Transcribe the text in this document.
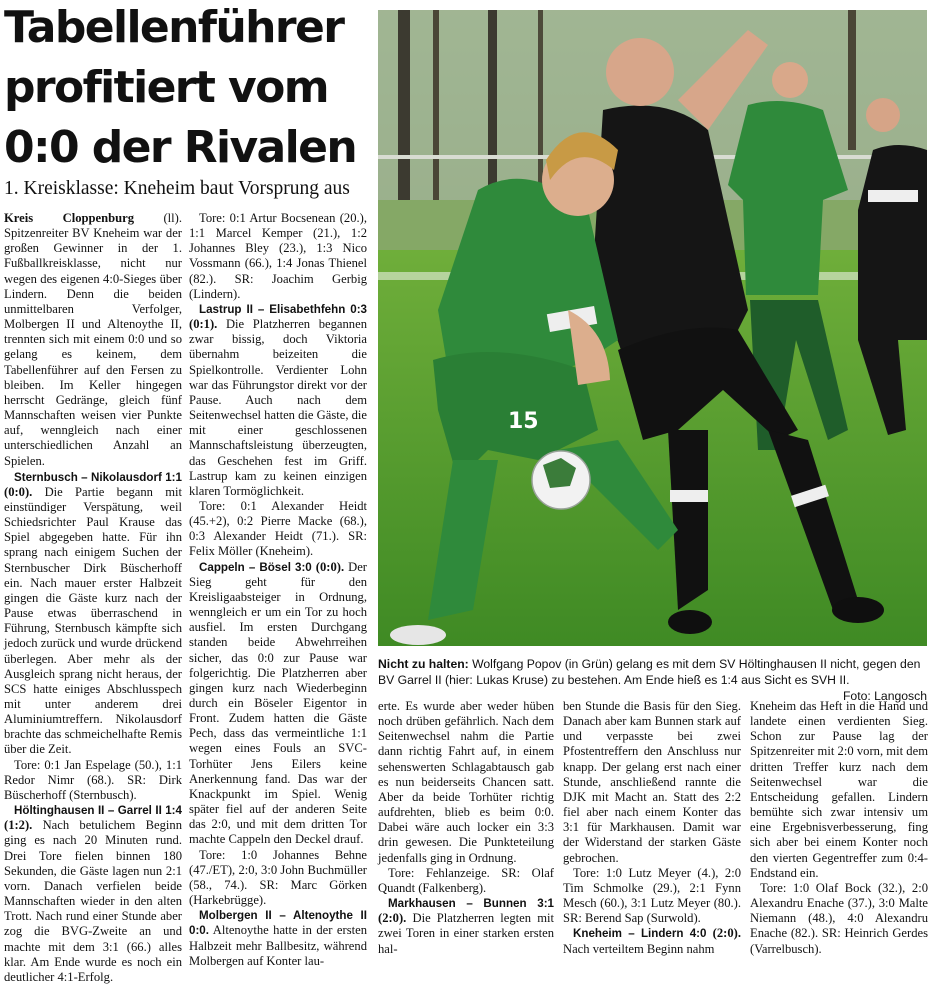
Tabellenführer
profitiert vom
0:0 der Rivalen
1. Kreisklasse: Kneheim baut Vorsprung aus

Kreis Cloppenburg (ll). Spitzenreiter BV Kneheim war der großen Gewinner in der 1. Fußballkreisklasse, nicht nur wegen des eigenen 4:0-Sieges über Lindern. Denn die beiden unmittelbaren Verfolger, Molbergen II und Altenoythe II, trennten sich mit einem 0:0 und so gelang es keinem, dem Tabellenführer auf den Fersen zu bleiben. Im Keller hingegen herrscht Gedränge, gleich fünf Mannschaften weisen vier Punkte auf, wenngleich nach einer unterschiedlichen Anzahl an Spielen.

Sternbusch – Nikolausdorf 1:1 (0:0). Die Partie begann mit einstündiger Verspätung, weil Schiedsrichter Paul Krause das Spiel abgegeben hatte. Für ihn sprang nach einigem Suchen der Sternbuscher Dirk Büscherhoff ein. Nach mauer erster Halbzeit gingen die Gäste kurz nach der Pause etwas überraschend in Führung, Sternbusch kämpfte sich jedoch zurück und wurde drückend überlegen. Aber mehr als der Ausgleich sprang nicht heraus, der SCS hatte einiges Abschlusspech mit unter anderem drei Aluminiumtreffern. Nikolausdorf brachte das schmeichelhafte Remis über die Zeit.

Tore: 0:1 Jan Espelage (50.), 1:1 Redor Nimr (68.). SR: Dirk Büscherhoff (Sternbusch).

Höltinghausen II – Garrel II 1:4 (1:2). Nach betulichem Beginn ging es nach 20 Minuten rund. Drei Tore fielen binnen 180 Sekunden, die Gäste lagen nun 2:1 vorn. Danach verfielen beide Mannschaften wieder in den alten Trott. Nach rund einer Stunde aber zog die BVG-Zweite an und machte mit dem 3:1 (66.) alles klar. Am Ende wurde es noch ein deutlicher 4:1-Erfolg.

Tore: 0:1 Artur Bocsenean (20.), 1:1 Marcel Kemper (21.), 1:2 Johannes Bley (23.), 1:3 Nico Vossmann (66.), 1:4 Jonas Thienel (82.). SR: Joachim Gerbig (Lindern).

Lastrup II – Elisabethfehn 0:3 (0:1). Die Platzherren begannen zwar bissig, doch Viktoria übernahm beizeiten die Spielkontrolle. Verdienter Lohn war das Führungstor direkt vor der Pause. Auch nach dem Seitenwechsel hatten die Gäste, die mit einer geschlossenen Mannschaftsleistung überzeugten, das Geschehen fest im Griff. Lastrup kam zu keinen einzigen klaren Tormöglichkeit.

Tore: 0:1 Alexander Heidt (45.+2), 0:2 Pierre Macke (68.), 0:3 Alexander Heidt (71.). SR: Felix Möller (Kneheim).

Cappeln – Bösel 3:0 (0:0). Der Sieg geht für den Kreisligaabsteiger in Ordnung, wenngleich er um ein Tor zu hoch ausfiel. Im ersten Durchgang standen beide Abwehrreihen sicher, das 0:0 zur Pause war folgerichtig. Die Platzherren aber gingen kurz nach Wiederbeginn durch ein Böseler Eigentor in Front. Zudem hatten die Gäste Pech, dass das vermeintliche 1:1 wegen eines Fouls an SVC-Torhüter Jens Eilers keine Anerkennung fand. Das war der Knackpunkt im Spiel. Wenig später fiel auf der anderen Seite das 2:0, und mit dem dritten Tor machte Cappeln den Deckel drauf.

Tore: 1:0 Johannes Behne (47./ET), 2:0, 3:0 John Buchmüller (58., 74.). SR: Marc Görken (Harkebrügge).

Molbergen II – Altenoythe II 0:0. Altenoythe hatte in der ersten Halbzeit mehr Ballbesitz, während Molbergen auf Konter lau-

15
Nicht zu halten: Wolfgang Popov (in Grün) gelang es mit dem SV Höltinghausen II nicht, gegen den BV Garrel II (hier: Lukas Kruse) zu bestehen. Am Ende hieß es 1:4 aus Sicht es SVH II.
Foto: Langosch

erte. Es wurde aber weder hüben noch drüben gefährlich. Nach dem Seitenwechsel nahm die Partie dann richtig Fahrt auf, in einem sehenswerten Schlagabtausch gab es nun beiderseits Chancen satt. Aber da beide Torhüter richtig aufdrehten, blieb es beim 0:0. Dabei wäre auch locker ein 3:3 drin gewesen. Die Punkteteilung jedenfalls ging in Ordnung.

Tore: Fehlanzeige. SR: Olaf Quandt (Falkenberg).

Markhausen – Bunnen 3:1 (2:0). Die Platzherren legten mit zwei Toren in einer starken ersten hal-

ben Stunde die Basis für den Sieg. Danach aber kam Bunnen stark auf und verpasste bei zwei Pfostentreffern den Anschluss nur knapp. Der gelang erst nach einer Stunde, anschließend rannte die DJK mit Macht an. Statt des 2:2 fiel aber nach einem Konter das 3:1 für Markhausen. Damit war der Widerstand der starken Gäste gebrochen.

Tore: 1:0 Lutz Meyer (4.), 2:0 Tim Schmolke (29.), 2:1 Fynn Mesch (60.), 3:1 Lutz Meyer (80.). SR: Berend Sap (Surwold).

Kneheim – Lindern 4:0 (2:0). Nach verteiltem Beginn nahm

Kneheim das Heft in die Hand und landete einen verdienten Sieg. Schon zur Pause lag der Spitzenreiter mit 2:0 vorn, mit dem dritten Treffer kurz nach dem Seitenwechsel war die Entscheidung gefallen. Lindern bemühte sich zwar intensiv um eine Ergebnisverbesserung, fing sich aber bei einem Konter noch den vierten Gegentreffer zum 0:4-Endstand ein.

Tore: 1:0 Olaf Bock (32.), 2:0 Alexandru Enache (37.), 3:0 Malte Niemann (48.), 4:0 Alexandru Enache (82.). SR: Heinrich Gerdes (Varrelbusch).
